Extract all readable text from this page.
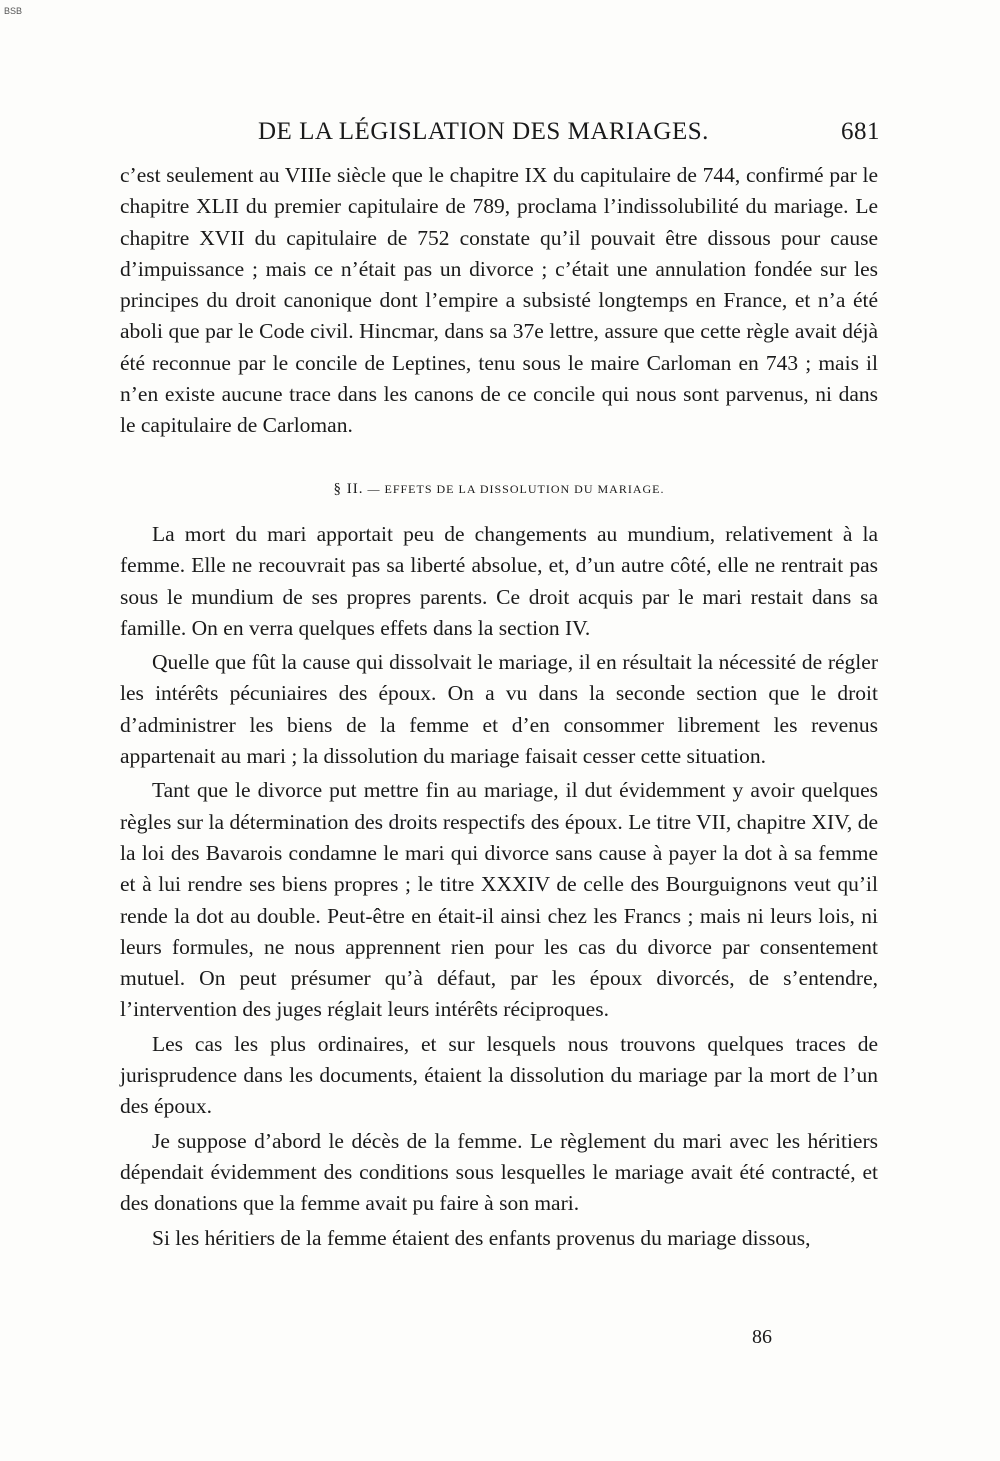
BSB
DE LA LÉGISLATION DES MARIAGES.	681

c’est seulement au VIIIe siècle que le chapitre IX du capitulaire de 744, confirmé par le chapitre XLII du premier capitulaire de 789, proclama l’indissolubilité du mariage. Le chapitre XVII du capitulaire de 752 constate qu’il pouvait être dissous pour cause d’impuissance ; mais ce n’était pas un divorce ; c’était une annulation fondée sur les principes du droit canonique dont l’empire a subsisté longtemps en France, et n’a été aboli que par le Code civil. Hincmar, dans sa 37e lettre, assure que cette règle avait déjà été reconnue par le concile de Leptines, tenu sous le maire Carloman en 743 ; mais il n’en existe aucune trace dans les canons de ce concile qui nous sont parvenus, ni dans le capitulaire de Carloman.

§ II. — EFFETS DE LA DISSOLUTION DU MARIAGE.

La mort du mari apportait peu de changements au mundium, relativement à la femme. Elle ne recouvrait pas sa liberté absolue, et, d’un autre côté, elle ne rentrait pas sous le mundium de ses propres parents. Ce droit acquis par le mari restait dans sa famille. On en verra quelques effets dans la section IV.

Quelle que fût la cause qui dissolvait le mariage, il en résultait la nécessité de régler les intérêts pécuniaires des époux. On a vu dans la seconde section que le droit d’administrer les biens de la femme et d’en consommer librement les revenus appartenait au mari ; la dissolution du mariage faisait cesser cette situation.

Tant que le divorce put mettre fin au mariage, il dut évidemment y avoir quelques règles sur la détermination des droits respectifs des époux. Le titre VII, chapitre XIV, de la loi des Bavarois condamne le mari qui divorce sans cause à payer la dot à sa femme et à lui rendre ses biens propres ; le titre XXXIV de celle des Bourguignons veut qu’il rende la dot au double. Peut-être en était-il ainsi chez les Francs ; mais ni leurs lois, ni leurs formules, ne nous apprennent rien pour les cas du divorce par consentement mutuel. On peut présumer qu’à défaut, par les époux divorcés, de s’entendre, l’intervention des juges réglait leurs intérêts réciproques.

Les cas les plus ordinaires, et sur lesquels nous trouvons quelques traces de jurisprudence dans les documents, étaient la dissolution du mariage par la mort de l’un des époux.

Je suppose d’abord le décès de la femme. Le règlement du mari avec les héritiers dépendait évidemment des conditions sous lesquelles le mariage avait été contracté, et des donations que la femme avait pu faire à son mari.

Si les héritiers de la femme étaient des enfants provenus du mariage dissous,

86
